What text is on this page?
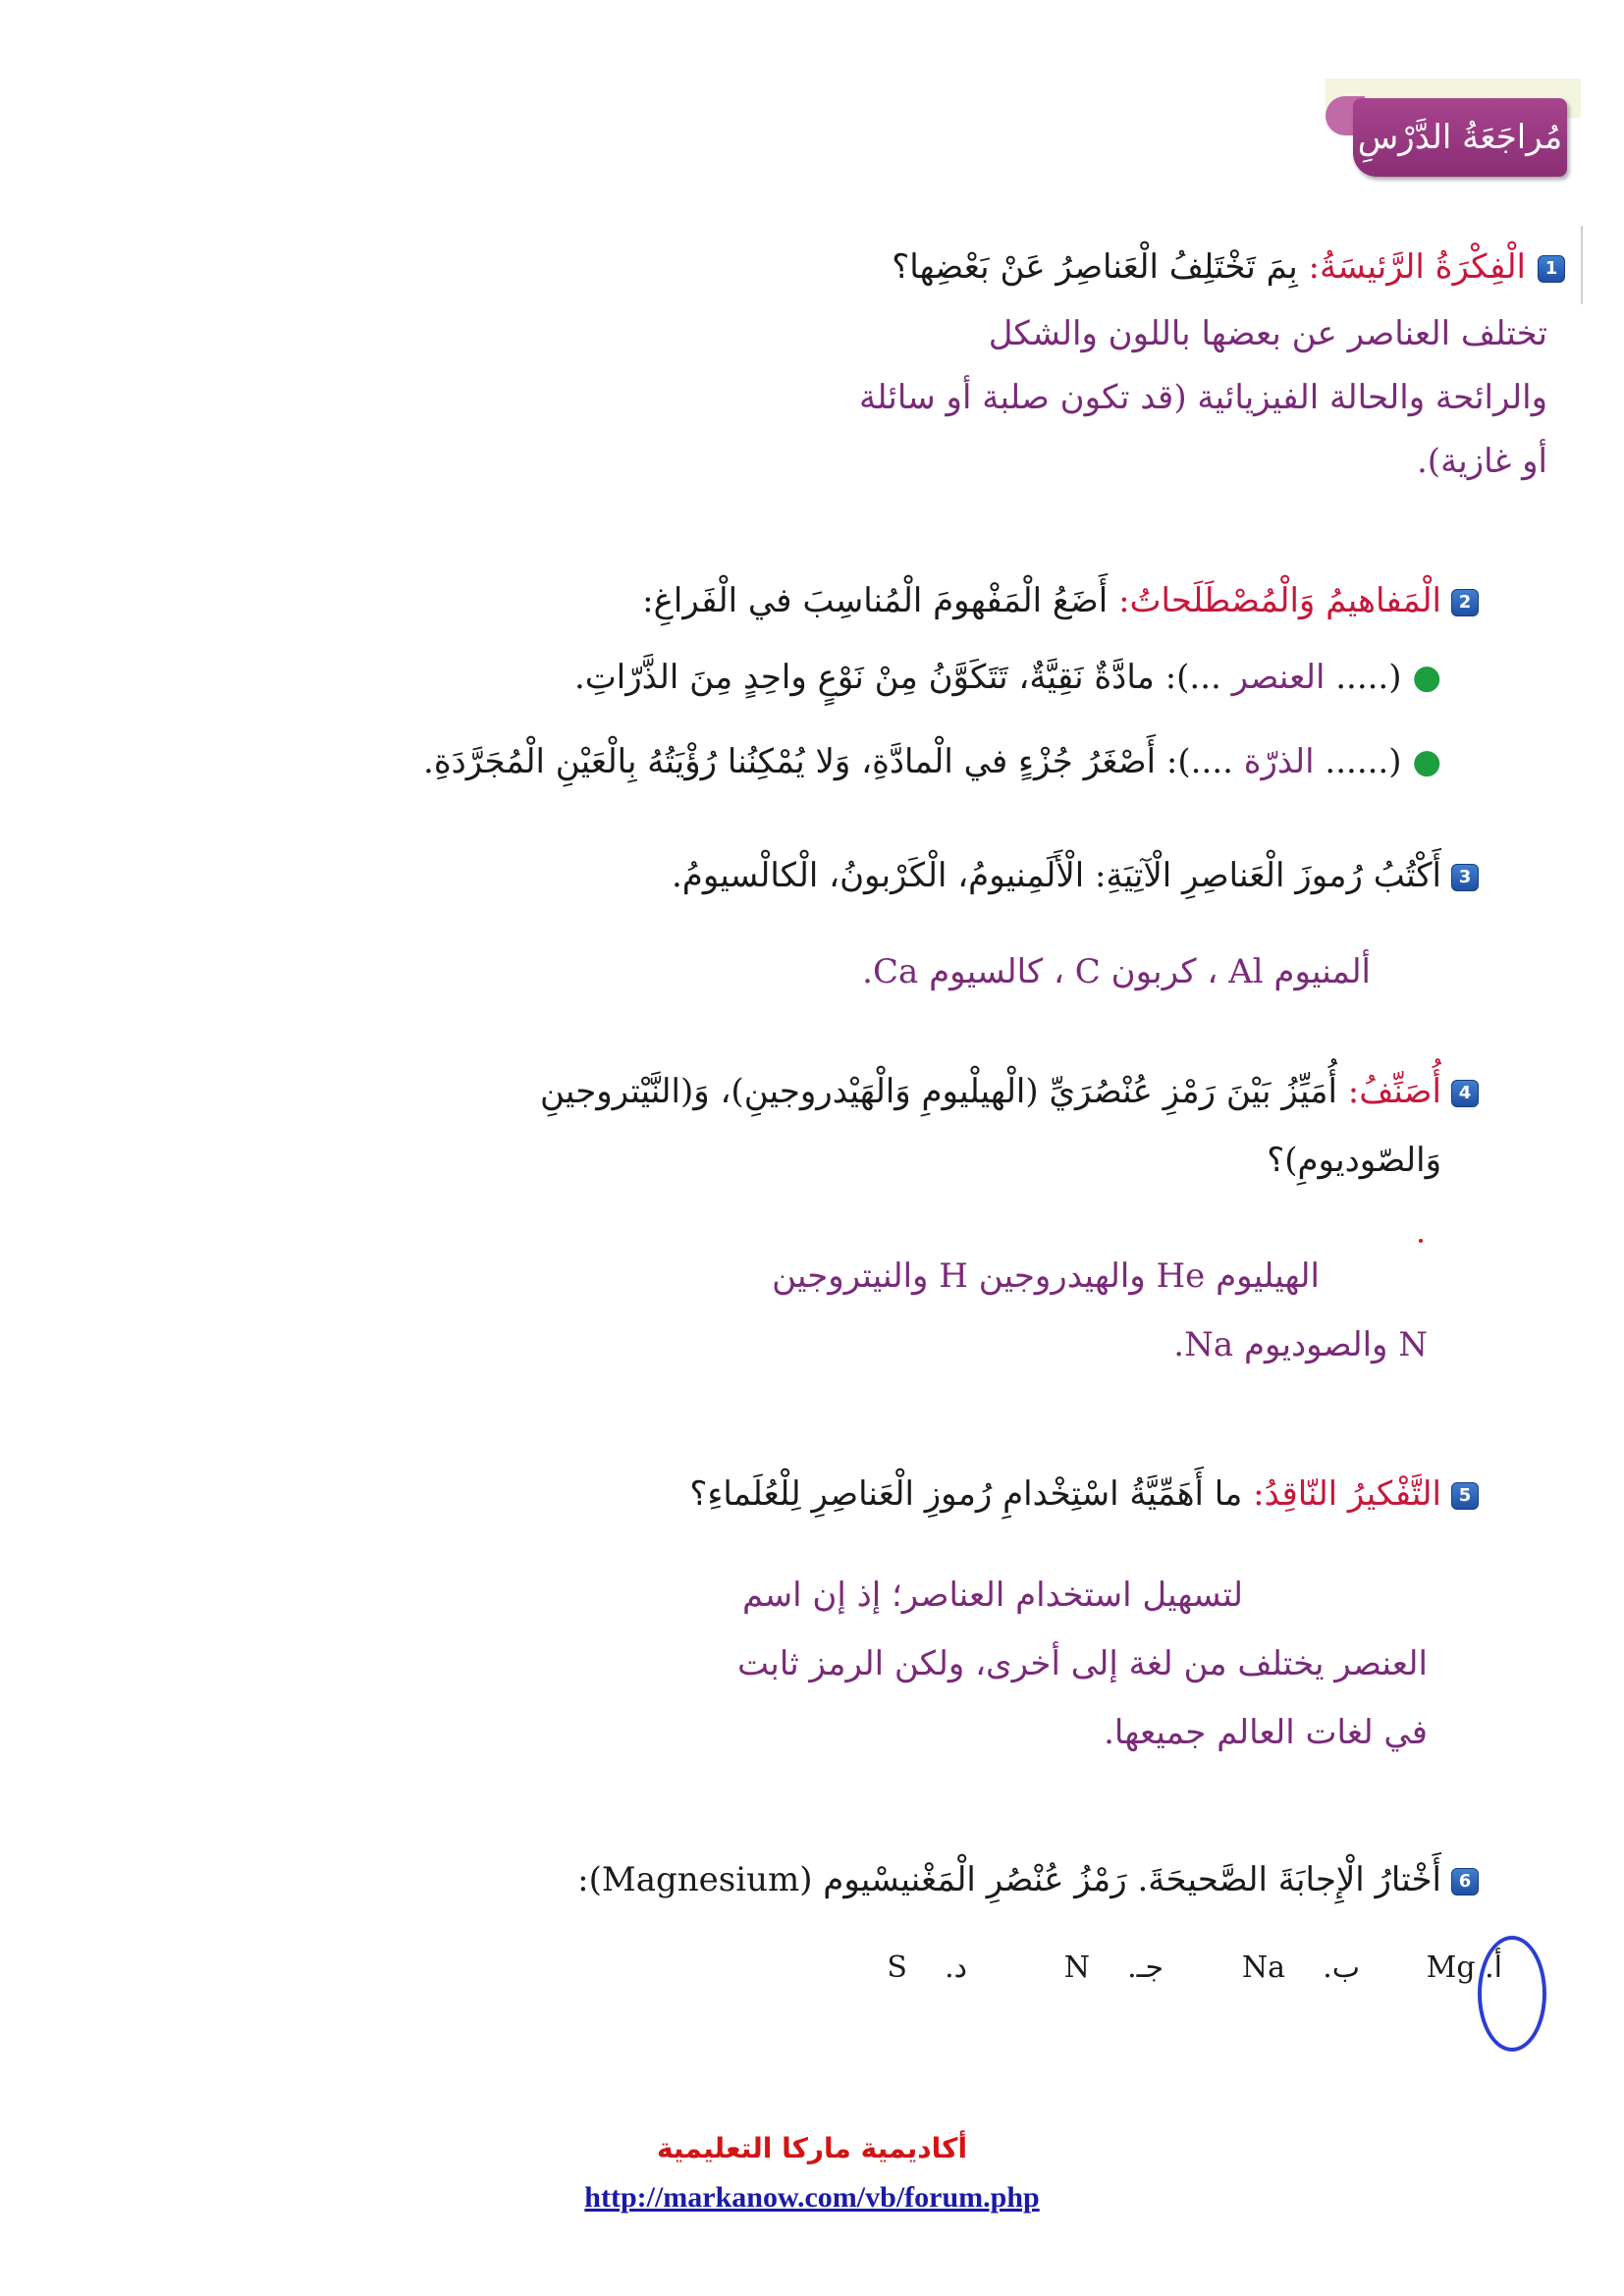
مُراجَعَةُ الدَّرْسِ
1
الْفِكْرَةُ الرَّئيسَةُ: بِمَ تَخْتَلِفُ الْعَناصِرُ عَنْ بَعْضِها؟
تختلف العناصر عن بعضها باللون والشكل
والرائحة والحالة الفيزيائية (قد تكون صلبة أو سائلة
أو غازية).
2
الْمَفاهيمُ وَالْمُصْطَلَحاتُ: أَضَعُ الْمَفْهومَ الْمُناسِبَ في الْفَراغِ:
● (..... العنصر ...): مادَّةٌ نَقِيَّةٌ، تَتَكَوَّنُ مِنْ نَوْعٍ واحِدٍ مِنَ الذَّرّاتِ.
● (...... الذرّة ....): أَصْغَرُ جُزْءٍ في الْمادَّةِ، وَلا يُمْكِنُنا رُؤْيَتُهُ بِالْعَيْنِ الْمُجَرَّدَةِ.
3
أَكْتُبُ رُموزَ الْعَناصِرِ الْآتِيَةِ: الْأَلَمِنيومُ، الْكَرْبونُ، الْكالْسيومُ.
ألمنيوم Al ، كربون C ، كالسيوم Ca.
4
أُصَنِّفُ: أُمَيِّزُ بَيْنَ رَمْزِ عُنْصُرَيِّ (الْهيلْيومِ وَالْهَيْدروجينِ)، وَ(النَّيْتروجينِ
وَالصّوديومِ)؟
الهيليوم He والهيدروجين H والنيتروجين
N والصوديوم Na.
5
التَّفْكيرُ النّاقِدُ: ما أَهَمِّيَّةُ اسْتِخْدامِ رُموزِ الْعَناصِرِ لِلْعُلَماءِ؟
لتسهيل استخدام العناصر؛ إذ إن اسم
العنصر يختلف من لغة إلى أخرى، ولكن الرمز ثابت
في لغات العالم جميعها.
6
أَخْتارُ الْإِجابَةَ الصَّحيحَةَ. رَمْزُ عُنْصُرِ الْمَغْنيسْيوم (Magnesium):
أ. Mg
ب.    Na
جـ.    N
د.    S
أكاديمية ماركا التعليمية
http://markanow.com/vb/forum.php
